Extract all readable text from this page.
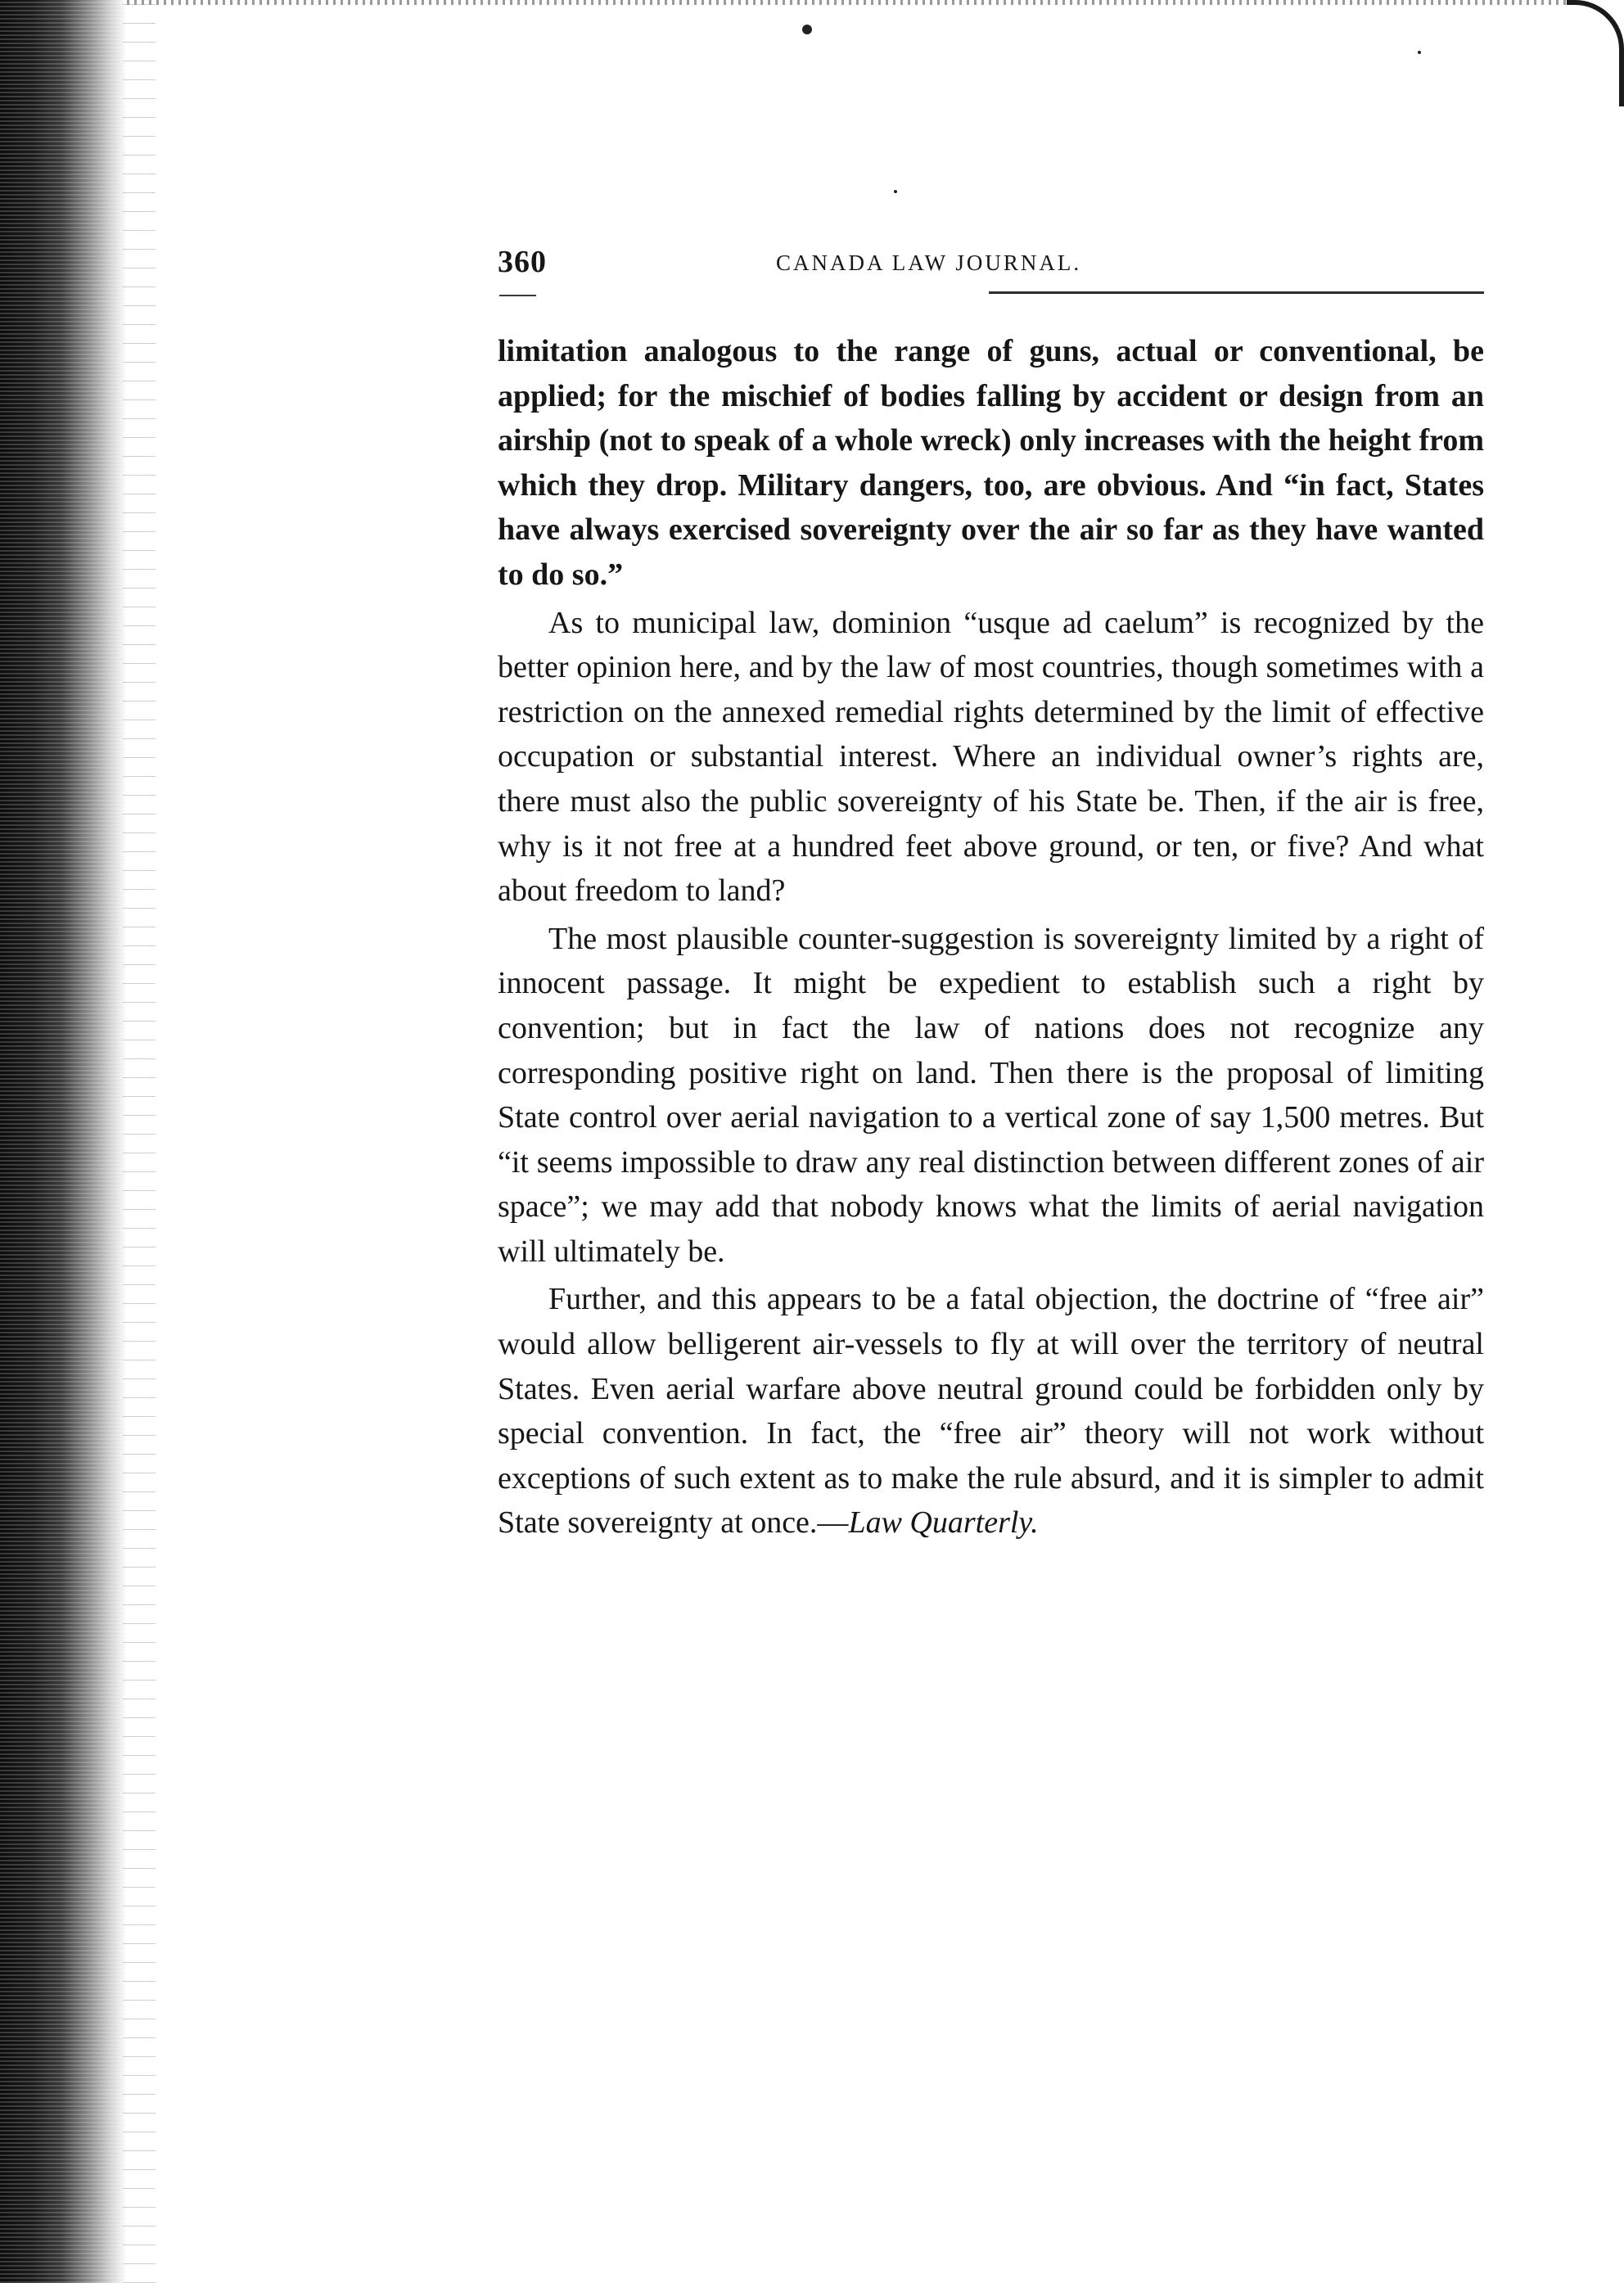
360	CANADA LAW JOURNAL.

limitation analogous to the range of guns, actual or conventional, be applied; for the mischief of bodies falling by accident or design from an airship (not to speak of a whole wreck) only increases with the height from which they drop. Military dangers, too, are obvious. And “in fact, States have always exercised sovereignty over the air so far as they have wanted to do so.”

As to municipal law, dominion “usque ad caelum” is recognized by the better opinion here, and by the law of most countries, though sometimes with a restriction on the annexed remedial rights determined by the limit of effective occupation or substantial interest. Where an individual owner’s rights are, there must also the public sovereignty of his State be. Then, if the air is free, why is it not free at a hundred feet above ground, or ten, or five? And what about freedom to land?

The most plausible counter-suggestion is sovereignty limited by a right of innocent passage. It might be expedient to establish such a right by convention; but in fact the law of nations does not recognize any corresponding positive right on land. Then there is the proposal of limiting State control over aerial navigation to a vertical zone of say 1,500 metres. But “it seems impossible to draw any real distinction between different zones of air space”; we may add that nobody knows what the limits of aerial navigation will ultimately be.

Further, and this appears to be a fatal objection, the doctrine of “free air” would allow belligerent air-vessels to fly at will over the territory of neutral States. Even aerial warfare above neutral ground could be forbidden only by special convention. In fact, the “free air” theory will not work without exceptions of such extent as to make the rule absurd, and it is simpler to admit State sovereignty at once.—Law Quarterly.
